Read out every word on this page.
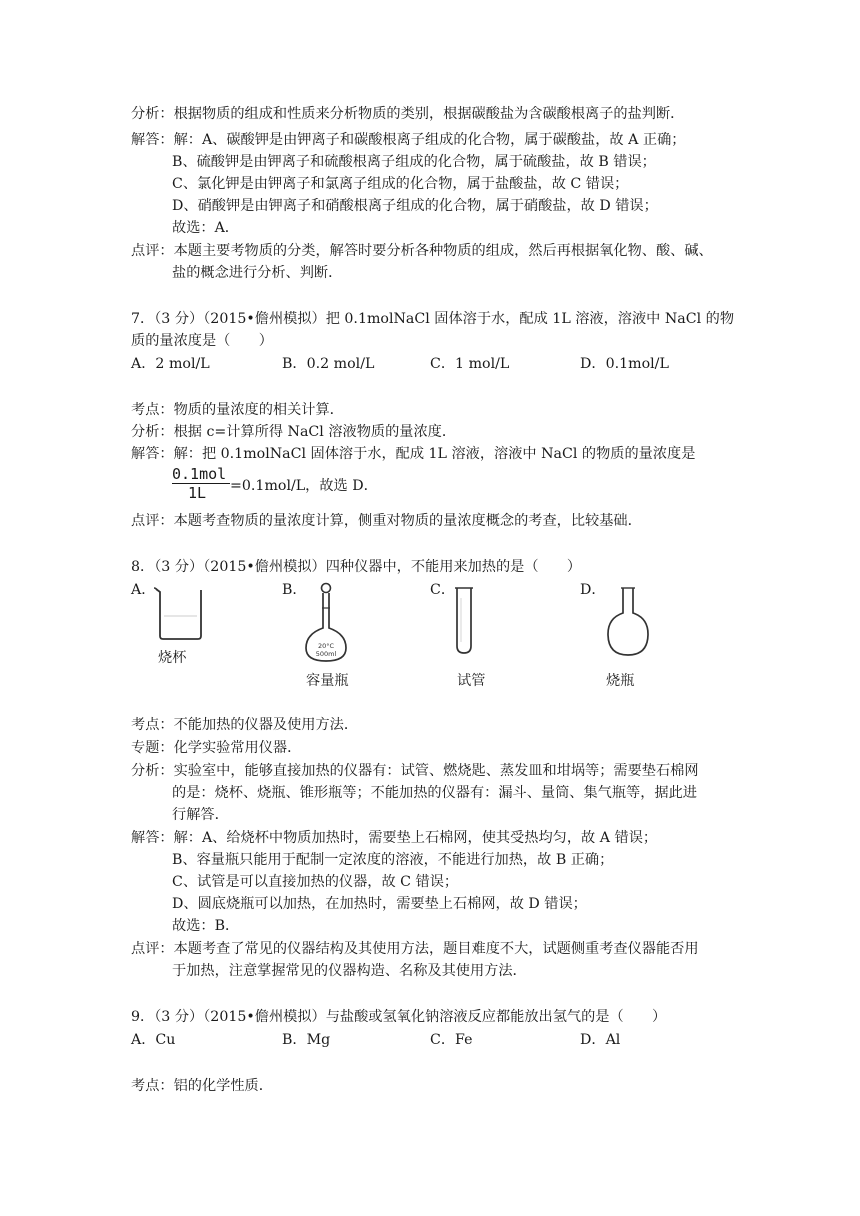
分析：根据物质的组成和性质来分析物质的类别，根据碳酸盐为含碳酸根离子的盐判断．
解答：解：A、碳酸钾是由钾离子和碳酸根离子组成的化合物，属于碳酸盐，故 A 正确；
B、硫酸钾是由钾离子和硫酸根离子组成的化合物，属于硫酸盐，故 B 错误；
C、氯化钾是由钾离子和氯离子组成的化合物，属于盐酸盐，故 C 错误；
D、硝酸钾是由钾离子和硝酸根离子组成的化合物，属于硝酸盐，故 D 错误；
故选：A．
点评：本题主要考物质的分类，解答时要分析各种物质的组成，然后再根据氧化物、酸、碱、
盐的概念进行分析、判断．
7．（3 分）（2015•儋州模拟）把 0.1molNaCl 固体溶于水，配成 1L 溶液，溶液中 NaCl 的物
质的量浓度是（　　）
A．2 mol/L	B．0.2 mol/L	C．1 mol/L	D．0.1mol/L
考点：物质的量浓度的相关计算．
分析：根据 c=计算所得 NaCl 溶液物质的量浓度．
解答：解：把 0.1molNaCl 固体溶于水，配成 1L 溶液，溶液中 NaCl 的物质的量浓度是
0.1mol
1L	=0.1mol/L，故选 D．
点评：本题考查物质的量浓度计算，侧重对物质的量浓度概念的考查，比较基础．
8．（3 分）（2015•儋州模拟）四种仪器中，不能用来加热的是（　　）
A．	B．	C．	D．
烧杯
20°C
500ml
容量瓶	试管	烧瓶
考点：不能加热的仪器及使用方法．
专题：化学实验常用仪器．
分析：实验室中，能够直接加热的仪器有：试管、燃烧匙、蒸发皿和坩埚等；需要垫石棉网
的是：烧杯、烧瓶、锥形瓶等；不能加热的仪器有：漏斗、量筒、集气瓶等，据此进
行解答．
解答：解：A、给烧杯中物质加热时，需要垫上石棉网，使其受热均匀，故 A 错误；
B、容量瓶只能用于配制一定浓度的溶液，不能进行加热，故 B 正确；
C、试管是可以直接加热的仪器，故 C 错误；
D、圆底烧瓶可以加热，在加热时，需要垫上石棉网，故 D 错误；
故选：B．
点评：本题考查了常见的仪器结构及其使用方法，题目难度不大，试题侧重考查仪器能否用
于加热，注意掌握常见的仪器构造、名称及其使用方法．
9．（3 分）（2015•儋州模拟）与盐酸或氢氧化钠溶液反应都能放出氢气的是（　　）
A．Cu	B．Mg	C．Fe	D．Al
考点：铝的化学性质．
